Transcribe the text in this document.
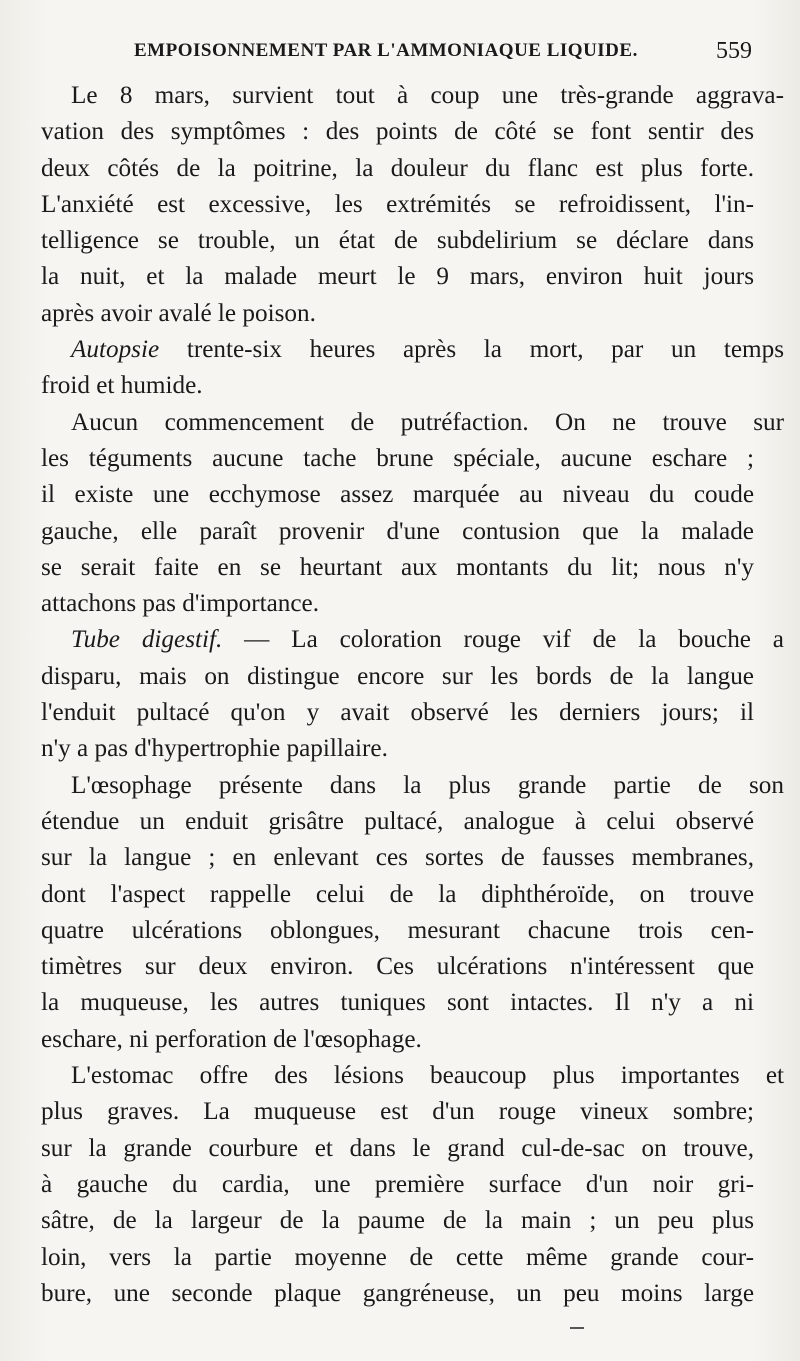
EMPOISONNEMENT PAR L'AMMONIAQUE LIQUIDE.	559
Le 8 mars, survient tout à coup une très-grande aggrava-
vation des symptômes : des points de côté se font sentir des
deux côtés de la poitrine, la douleur du flanc est plus forte.
L'anxiété est excessive, les extrémités se refroidissent, l'in-
telligence se trouble, un état de subdelirium se déclare dans
la nuit, et la malade meurt le 9 mars, environ huit jours
après avoir avalé le poison.
Autopsie trente-six heures après la mort, par un temps
froid et humide.
Aucun commencement de putréfaction. On ne trouve sur
les téguments aucune tache brune spéciale, aucune eschare ;
il existe une ecchymose assez marquée au niveau du coude
gauche, elle paraît provenir d'une contusion que la malade
se serait faite en se heurtant aux montants du lit; nous n'y
attachons pas d'importance.
Tube digestif. — La coloration rouge vif de la bouche a
disparu, mais on distingue encore sur les bords de la langue
l'enduit pultacé qu'on y avait observé les derniers jours; il
n'y a pas d'hypertrophie papillaire.
L'œsophage présente dans la plus grande partie de son
étendue un enduit grisâtre pultacé, analogue à celui observé
sur la langue ; en enlevant ces sortes de fausses membranes,
dont l'aspect rappelle celui de la diphthéroïde, on trouve
quatre ulcérations oblongues, mesurant chacune trois cen-
timètres sur deux environ. Ces ulcérations n'intéressent que
la muqueuse, les autres tuniques sont intactes. Il n'y a ni
eschare, ni perforation de l'œsophage.
L'estomac offre des lésions beaucoup plus importantes et
plus graves. La muqueuse est d'un rouge vineux sombre;
sur la grande courbure et dans le grand cul-de-sac on trouve,
à gauche du cardia, une première surface d'un noir gri-
sâtre, de la largeur de la paume de la main ; un peu plus
loin, vers la partie moyenne de cette même grande cour-
bure, une seconde plaque gangréneuse, un peu moins large
